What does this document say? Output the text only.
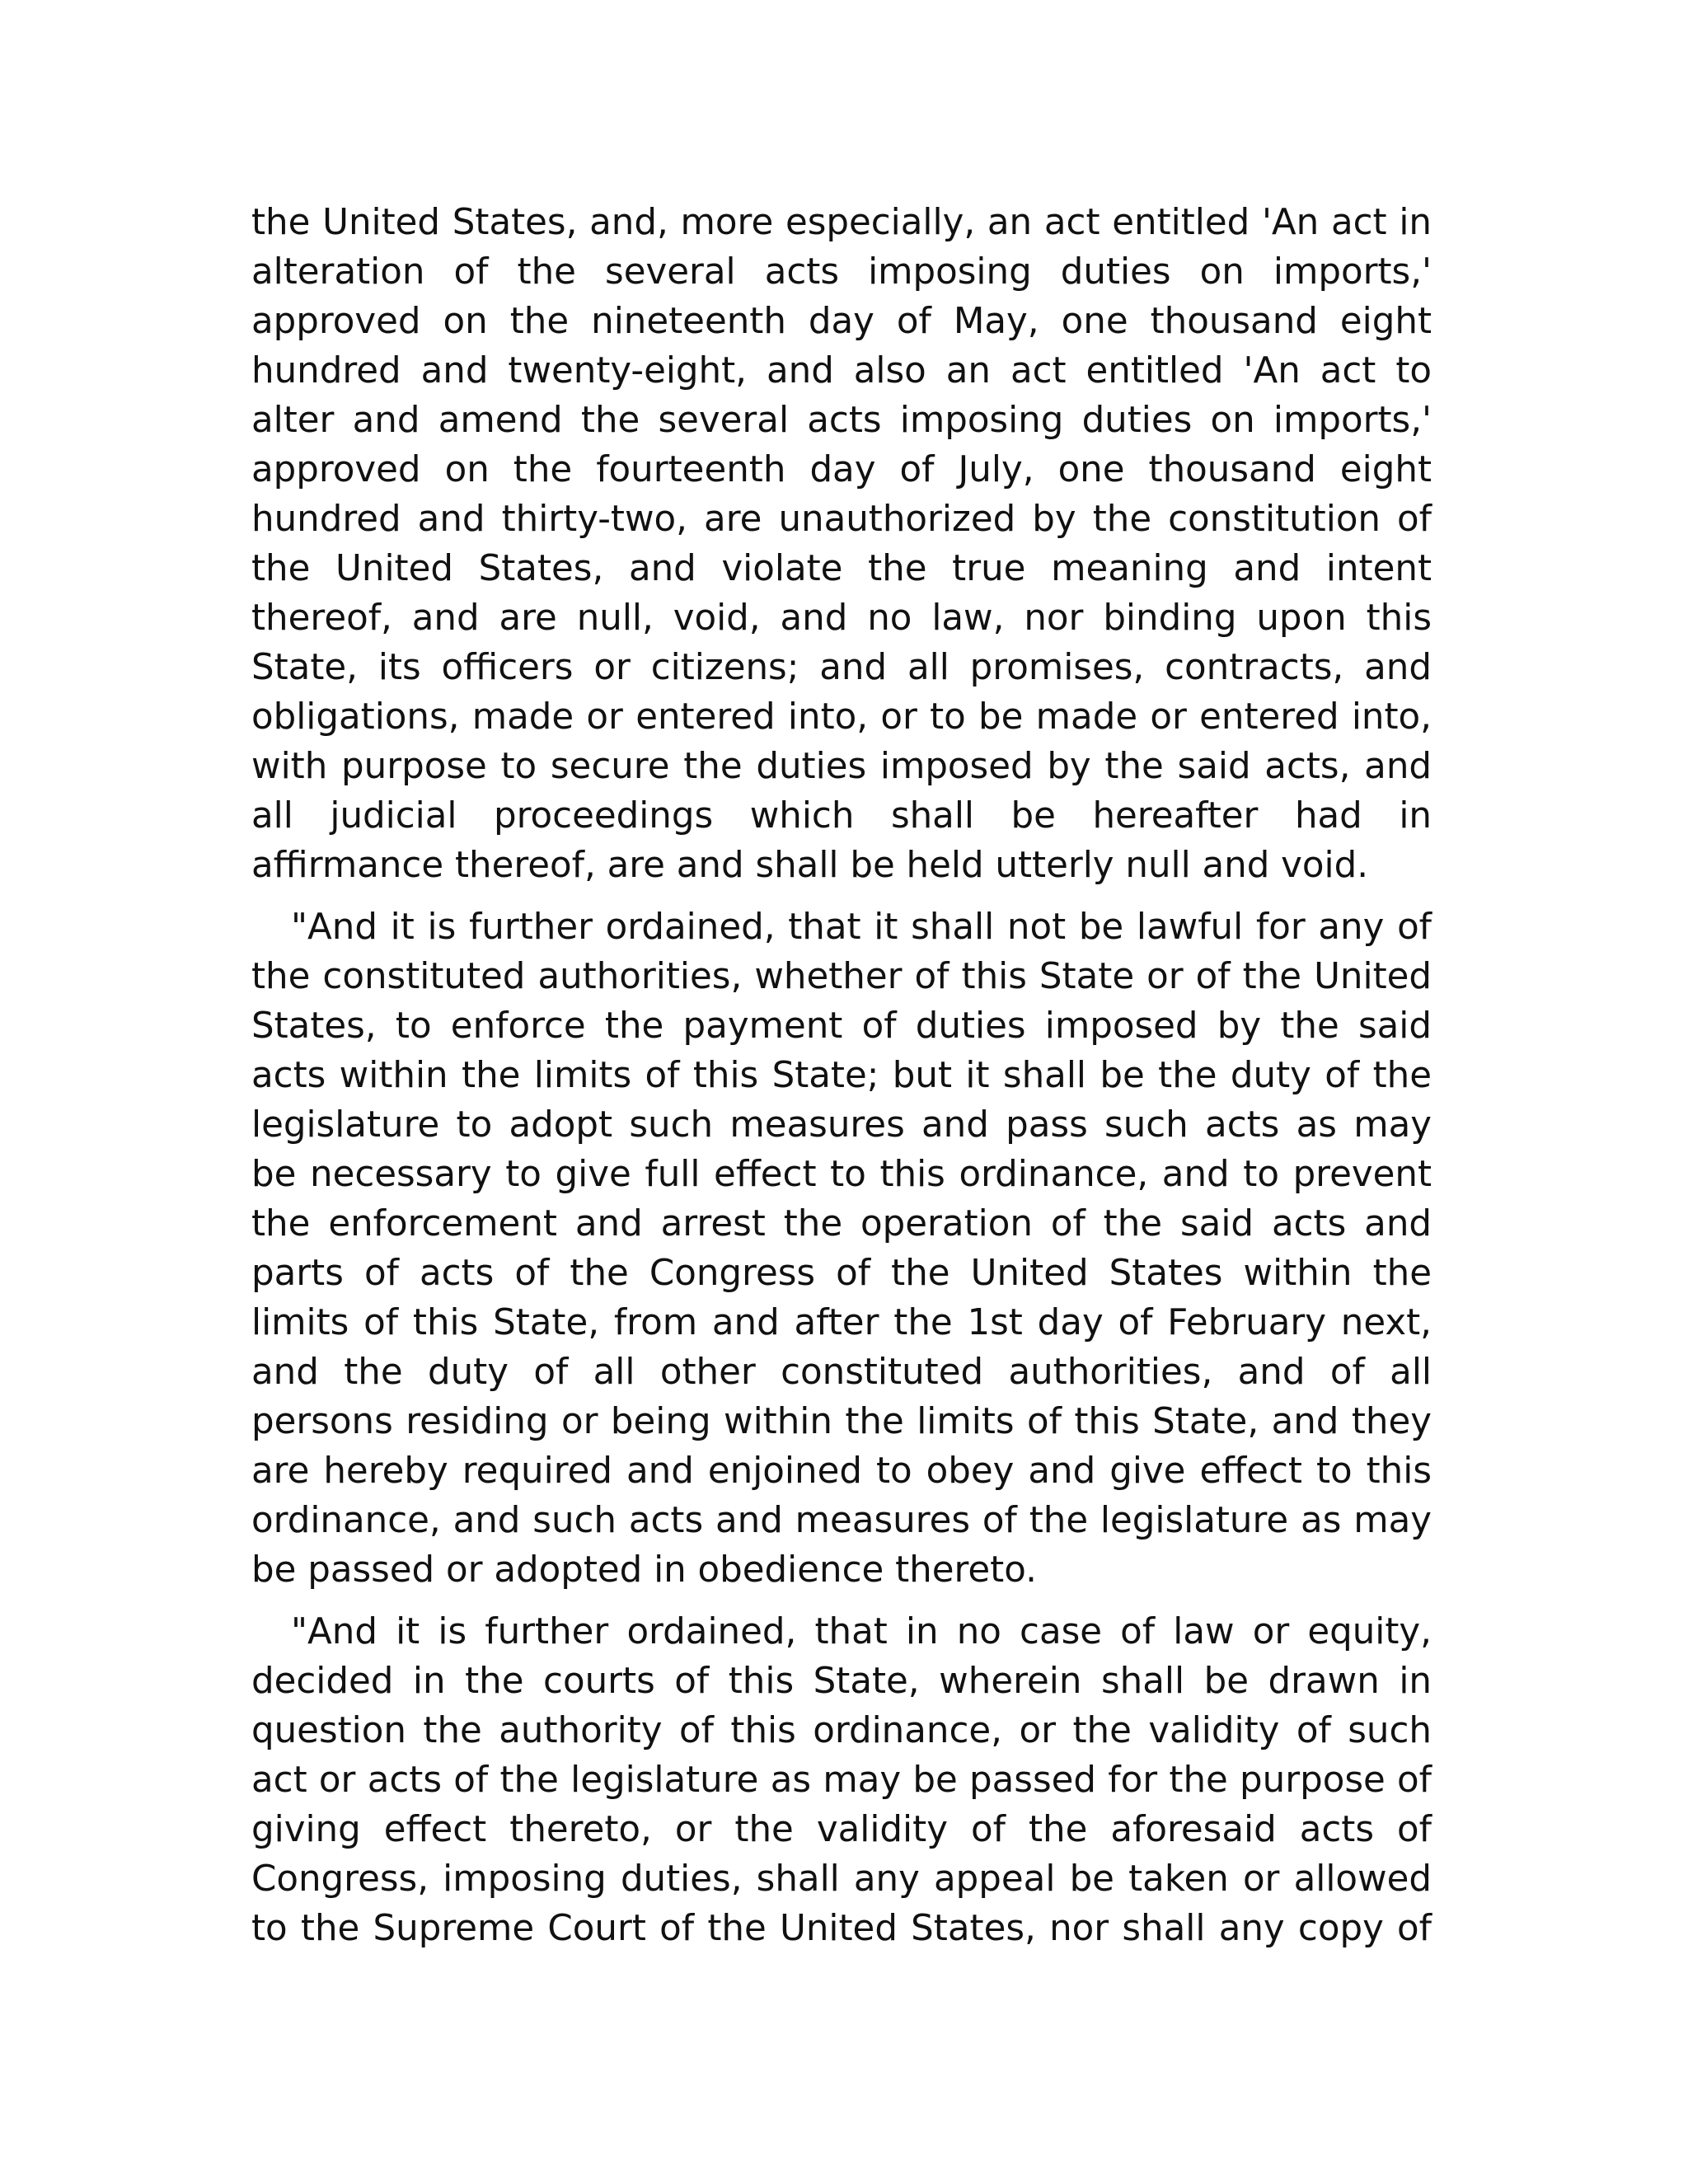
the United States, and, more especially, an act entitled 'An act in alteration of the several acts imposing duties on imports,' approved on the nineteenth day of May, one thousand eight hundred and twenty-eight, and also an act entitled 'An act to alter and amend the several acts imposing duties on imports,' approved on the fourteenth day of July, one thousand eight hundred and thirty-two, are unauthorized by the constitution of the United States, and violate the true meaning and intent thereof, and are null, void, and no law, nor binding upon this State, its officers or citizens; and all promises, contracts, and obligations, made or entered into, or to be made or entered into, with purpose to secure the duties imposed by the said acts, and all judicial proceedings which shall be hereafter had in affirmance thereof, are and shall be held utterly null and void.

"And it is further ordained, that it shall not be lawful for any of the constituted authorities, whether of this State or of the United States, to enforce the payment of duties imposed by the said acts within the limits of this State; but it shall be the duty of the legislature to adopt such measures and pass such acts as may be necessary to give full effect to this ordinance, and to prevent the enforcement and arrest the operation of the said acts and parts of acts of the Congress of the United States within the limits of this State, from and after the 1st day of February next, and the duty of all other constituted authorities, and of all persons residing or being within the limits of this State, and they are hereby required and enjoined to obey and give effect to this ordinance, and such acts and measures of the legislature as may be passed or adopted in obedience thereto.

"And it is further ordained, that in no case of law or equity, decided in the courts of this State, wherein shall be drawn in question the authority of this ordinance, or the validity of such act or acts of the legislature as may be passed for the purpose of giving effect thereto, or the validity of the aforesaid acts of Congress, imposing duties, shall any appeal be taken or allowed to the Supreme Court of the United States, nor shall any copy of
